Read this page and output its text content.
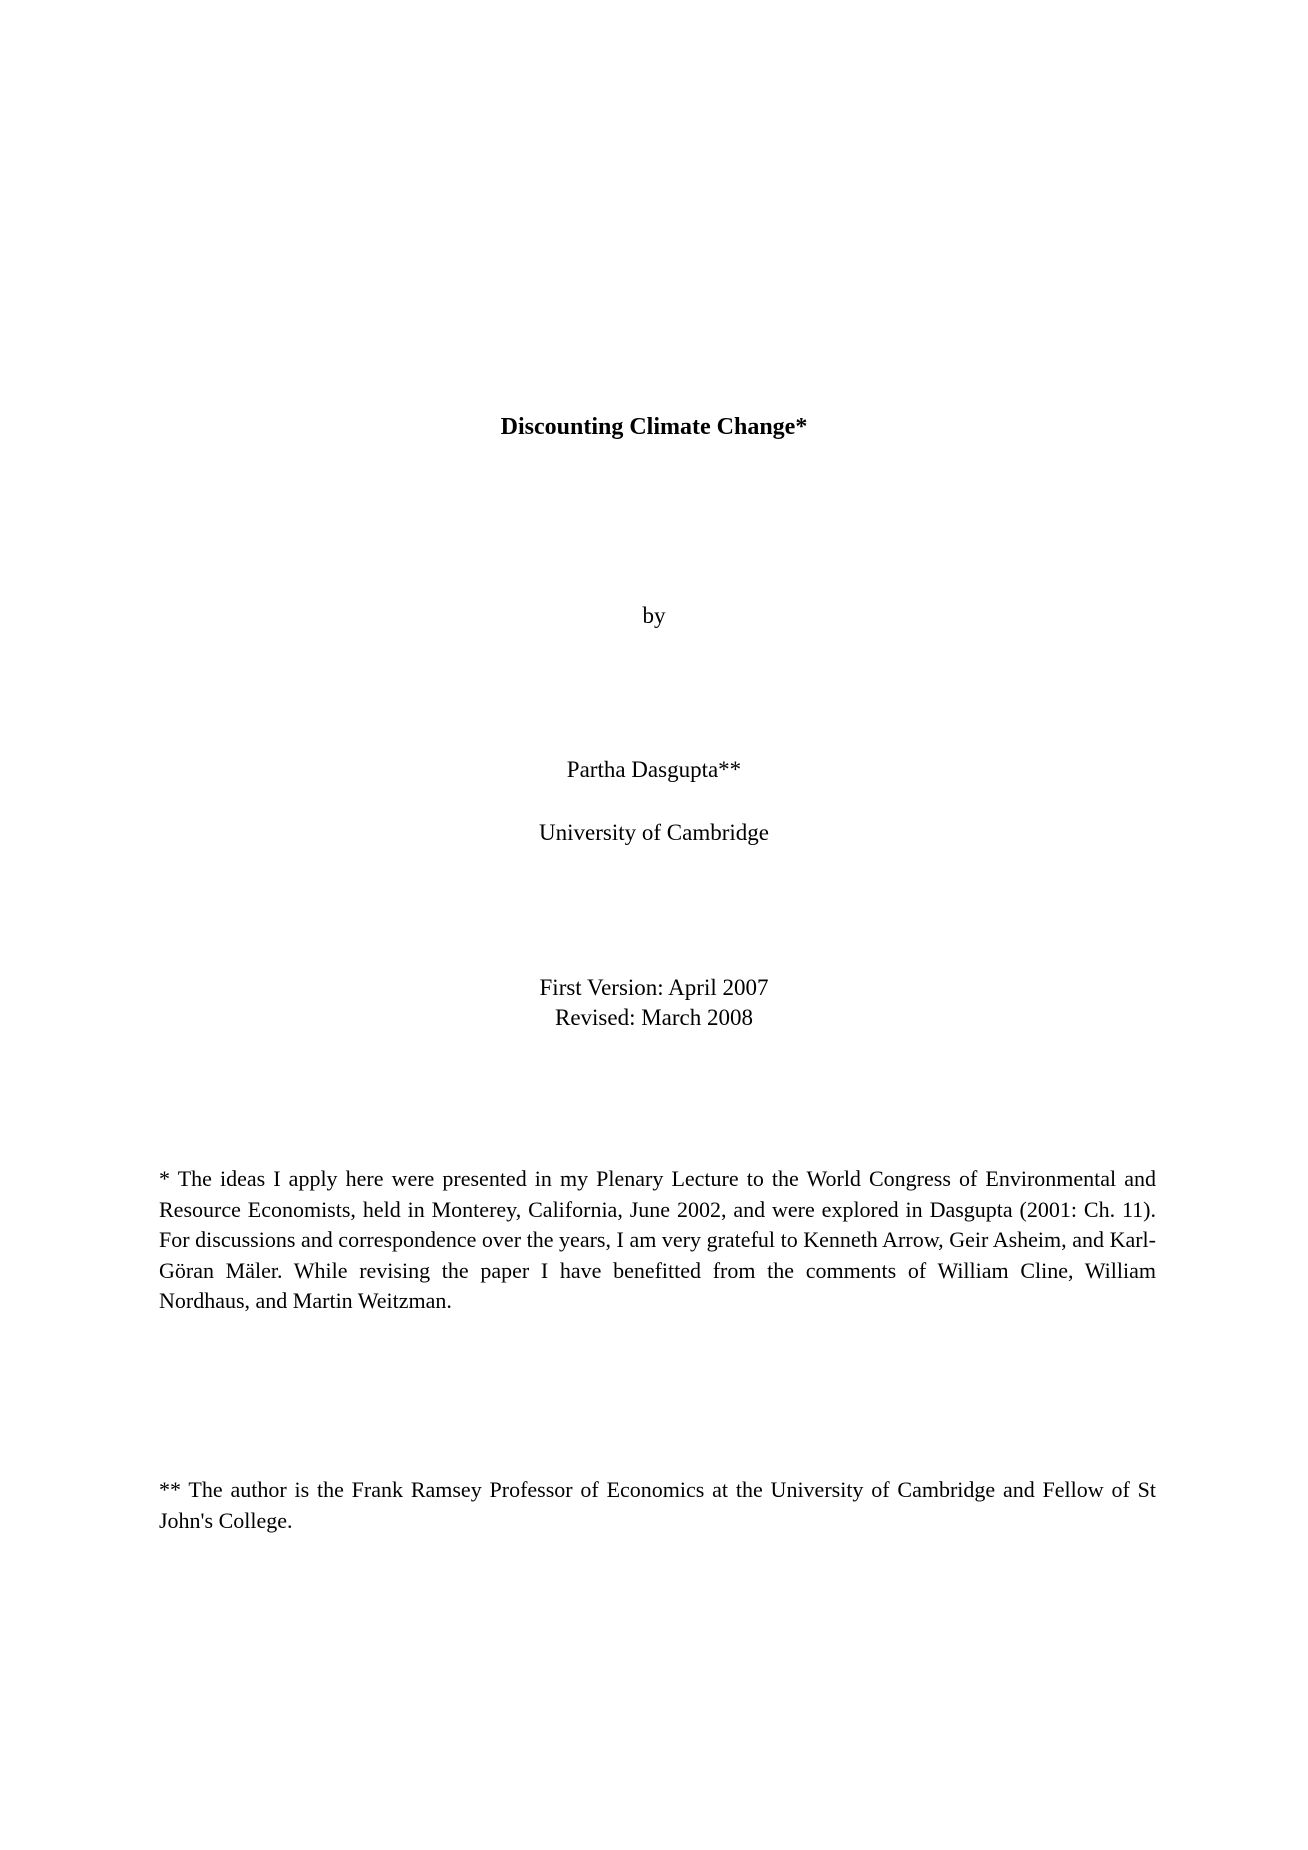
Discounting Climate Change*

by

Partha Dasgupta**

University of Cambridge

First Version: April 2007
Revised: March 2008

* The ideas I apply here were presented in my Plenary Lecture to the World Congress of Environmental and Resource Economists, held in Monterey, California, June 2002, and were explored in Dasgupta (2001: Ch. 11). For discussions and correspondence over the years, I am very grateful to Kenneth Arrow, Geir Asheim, and Karl-Göran Mäler. While revising the paper I have benefitted from the comments of William Cline, William Nordhaus, and Martin Weitzman.

** The author is the Frank Ramsey Professor of Economics at the University of Cambridge and Fellow of St John's College.
